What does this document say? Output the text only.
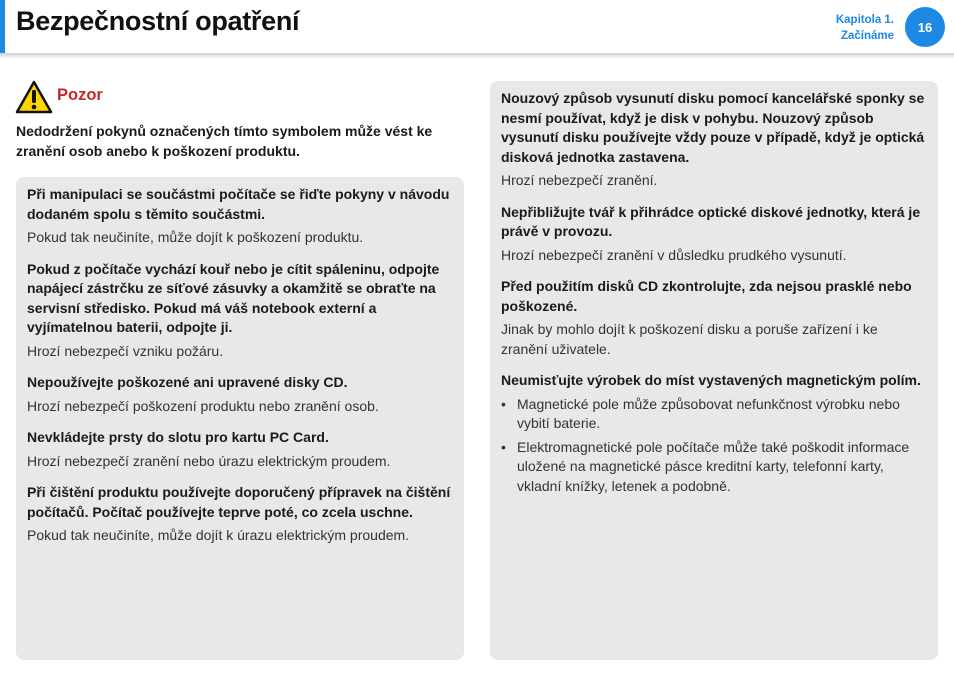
Bezpečnostní opatření	Kapitola 1.
Začínáme
16
Pozor
Nedodržení pokynů označených tímto symbolem může vést ke zranění osob anebo k poškození produktu.
Při manipulaci se součástmi počítače se řiďte pokyny v návodu dodaném spolu s těmito součástmi.
Pokud tak neučiníte, může dojít k poškození produktu.
Pokud z počítače vychází kouř nebo je cítit spáleninu, odpojte napájecí zástrčku ze síťové zásuvky a okamžitě se obraťte na servisní středisko. Pokud má váš notebook externí a vyjímatelnou baterii, odpojte ji.
Hrozí nebezpečí vzniku požáru.
Nepoužívejte poškozené ani upravené disky CD.
Hrozí nebezpečí poškození produktu nebo zranění osob.
Nevkládejte prsty do slotu pro kartu PC Card.
Hrozí nebezpečí zranění nebo úrazu elektrickým proudem.
Při čištění produktu používejte doporučený přípravek na čištění počítačů. Počítač používejte teprve poté, co zcela uschne.
Pokud tak neučiníte, může dojít k úrazu elektrickým proudem.
Nouzový způsob vysunutí disku pomocí kancelářské sponky se nesmí používat, když je disk v pohybu. Nouzový způsob vysunutí disku používejte vždy pouze v případě, když je optická disková jednotka zastavena.
Hrozí nebezpečí zranění.
Nepřibližujte tvář k přihrádce optické diskové jednotky, která je právě v provozu.
Hrozí nebezpečí zranění v důsledku prudkého vysunutí.
Před použitím disků CD zkontrolujte, zda nejsou prasklé nebo poškozené.
Jinak by mohlo dojít k poškození disku a poruše zařízení i ke zranění uživatele.
Neumisťujte výrobek do míst vystavených magnetickým polím.
• Magnetické pole může způsobovat nefunkčnost výrobku nebo vybití baterie.
• Elektromagnetické pole počítače může také poškodit informace uložené na magnetické pásce kreditní karty, telefonní karty, vkladní knížky, letenek a podobně.
